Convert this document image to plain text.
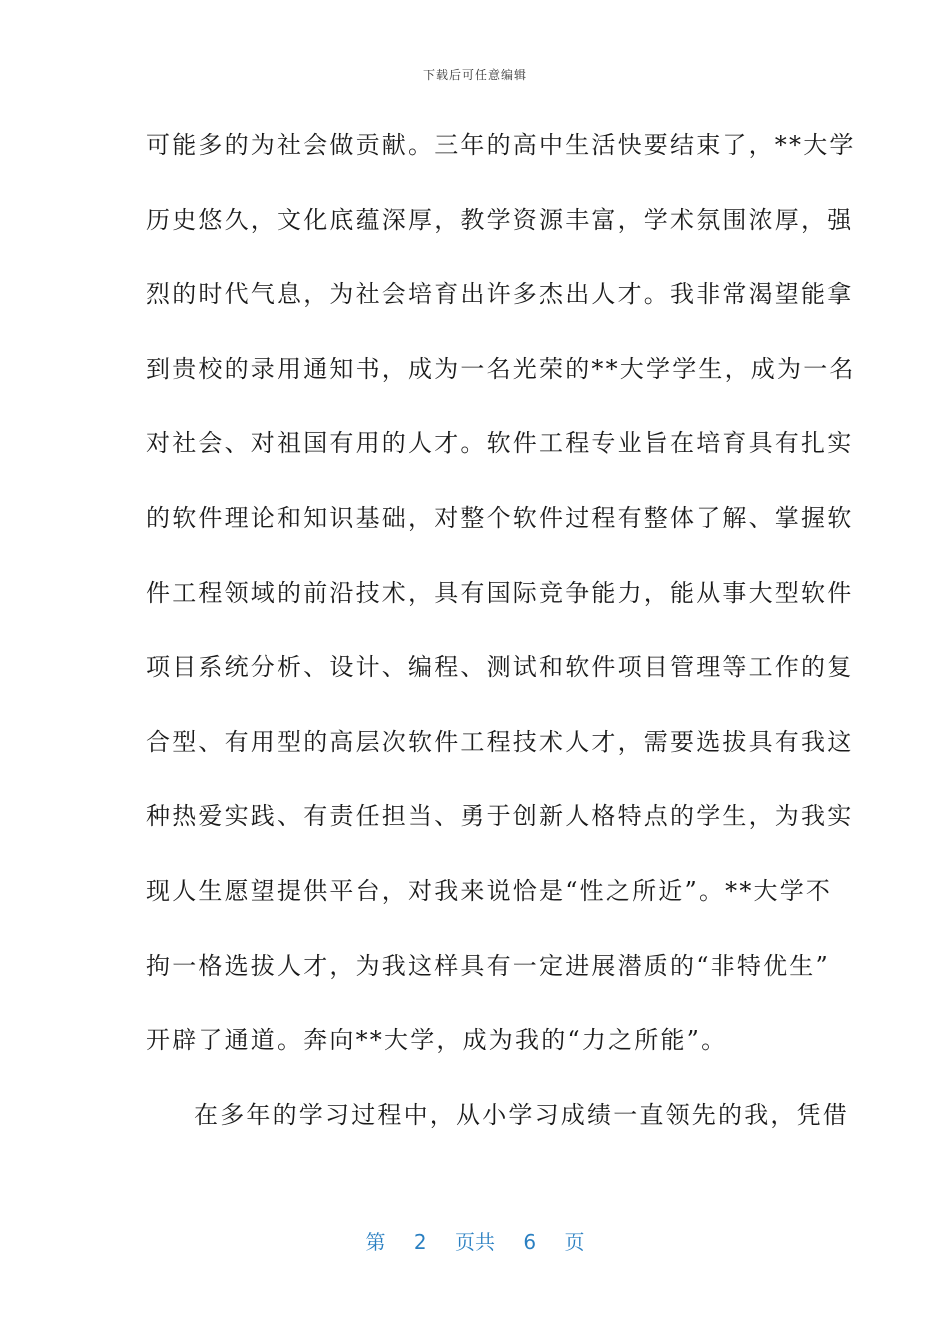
下载后可任意编辑
可能多的为社会做贡献。三年的高中生活快要结束了，**大学
历史悠久，文化底蕴深厚，教学资源丰富，学术氛围浓厚，强
烈的时代气息，为社会培育出许多杰出人才。我非常渴望能拿
到贵校的录用通知书，成为一名光荣的**大学学生，成为一名
对社会、对祖国有用的人才。软件工程专业旨在培育具有扎实
的软件理论和知识基础，对整个软件过程有整体了解、掌握软
件工程领域的前沿技术，具有国际竞争能力，能从事大型软件
项目系统分析、设计、编程、测试和软件项目管理等工作的复
合型、有用型的高层次软件工程技术人才，需要选拔具有我这
种热爱实践、有责任担当、勇于创新人格特点的学生，为我实
现人生愿望提供平台，对我来说恰是“性之所近”。**大学不
拘一格选拔人才，为我这样具有一定进展潜质的“非特优生”
开辟了通道。奔向**大学，成为我的“力之所能”。
在多年的学习过程中，从小学习成绩一直领先的我，凭借
第 2 页共 6 页
